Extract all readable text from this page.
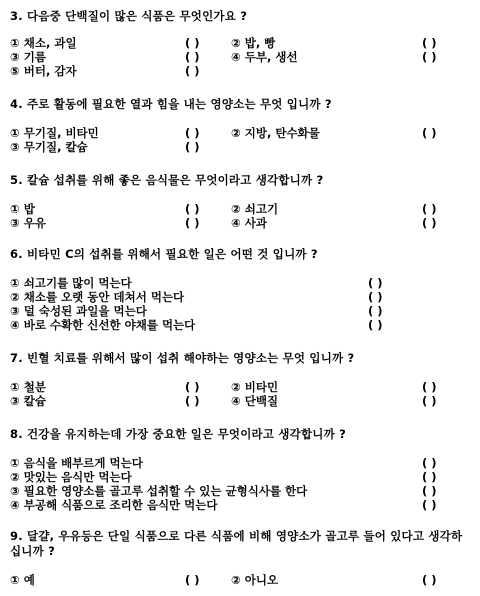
3. 다음중 단백질이 많은 식품은 무엇인가요 ?
① 채소, 과일	( )	② 밥, 빵	( )
③ 기름	( )	④ 두부, 생선	( )
⑤ 버터, 감자	( )
4. 주로 활동에 필요한 열과 힘을 내는 영양소는 무엇 입니까 ?
① 무기질, 비타민	( )	② 지방, 탄수화물	( )
③ 무기질, 칼슘	( )
5. 칼슘 섭취를 위해 좋은 음식물은 무엇이라고 생각합니까 ?
① 밥	( )	② 쇠고기	( )
③ 우유	( )	④ 사과	( )
6. 비타민 C의 섭취를 위해서 필요한 일은 어떤 것 입니까 ?
① 쇠고기를 많이 먹는다	( )
② 채소를 오랫 동안 데쳐서 먹는다	( )
③ 덜 숙성된 과일을 먹는다	( )
④ 바로 수확한 신선한 야채를 먹는다	( )
7. 빈혈 치료를 위해서 많이 섭취 해야하는 영양소는 무엇 입니까 ?
① 철분	( )	② 비타민	( )
③ 칼슘	( )	④ 단백질	( )
8. 건강을 유지하는데 가장 중요한 일은 무엇이라고 생각합니까 ?
① 음식을 배부르게 먹는다	( )
② 맛있는 음식만 먹는다	( )
③ 필요한 영양소를 골고루 섭취할 수 있는 균형식사를 한다	( )
④ 부공해 식품으로 조리한 음식만 먹는다	( )
9. 달걀, 우유등은 단일 식품으로 다른 식품에 비해 영양소가 골고루 들어 있다고 생각하십니까 ?
① 예	( )	② 아니오	( )
